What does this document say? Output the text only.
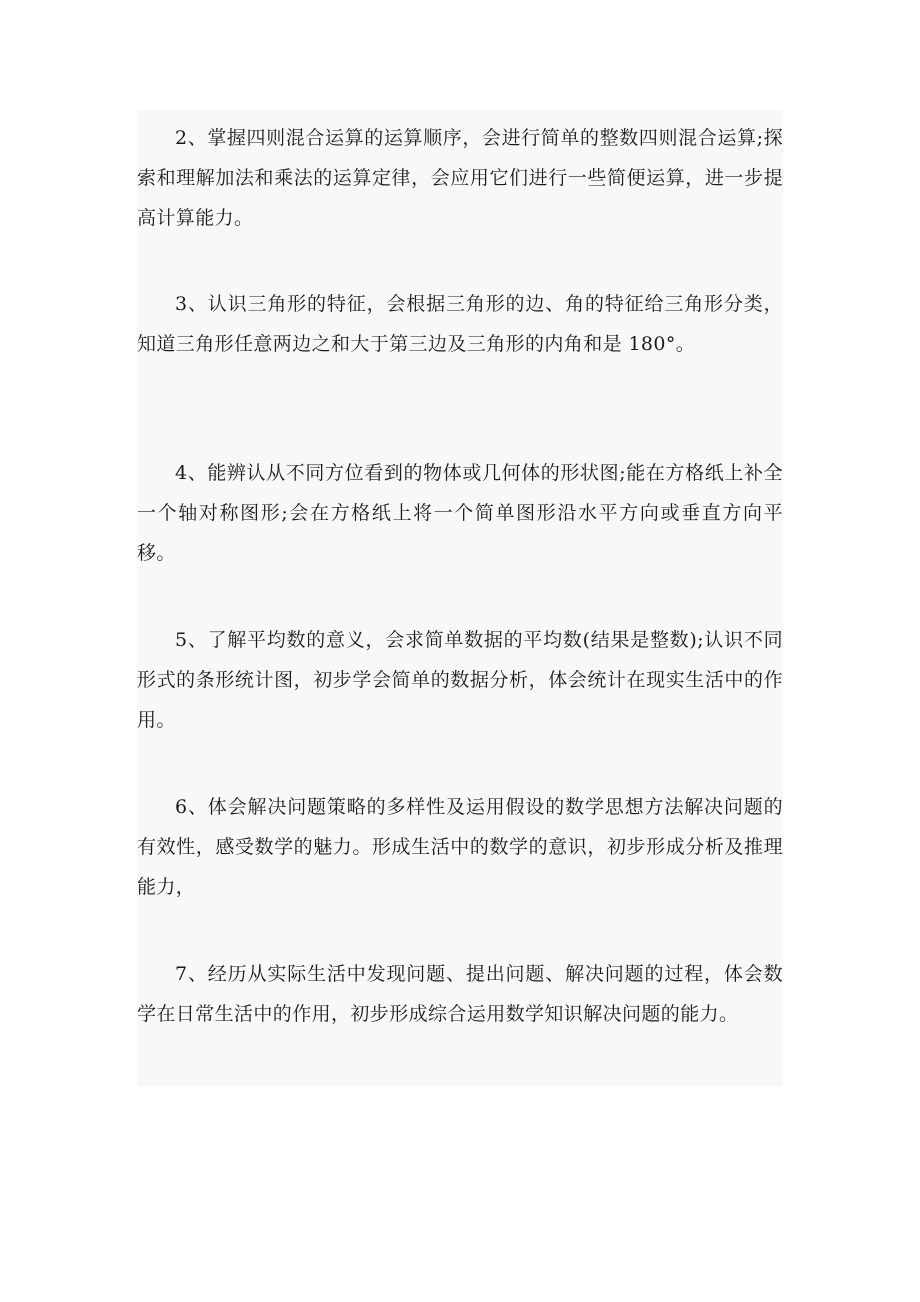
2、掌握四则混合运算的运算顺序，会进行简单的整数四则混合运算;探索和理解加法和乘法的运算定律，会应用它们进行一些简便运算，进一步提高计算能力。

3、认识三角形的特征，会根据三角形的边、角的特征给三角形分类，知道三角形任意两边之和大于第三边及三角形的内角和是 180°。

4、能辨认从不同方位看到的物体或几何体的形状图;能在方格纸上补全一个轴对称图形;会在方格纸上将一个简单图形沿水平方向或垂直方向平移。

5、了解平均数的意义，会求简单数据的平均数(结果是整数);认识不同形式的条形统计图，初步学会简单的数据分析，体会统计在现实生活中的作用。

6、体会解决问题策略的多样性及运用假设的数学思想方法解决问题的有效性，感受数学的魅力。形成生活中的数学的意识，初步形成分析及推理能力，

7、经历从实际生活中发现问题、提出问题、解决问题的过程，体会数学在日常生活中的作用，初步形成综合运用数学知识解决问题的能力。
